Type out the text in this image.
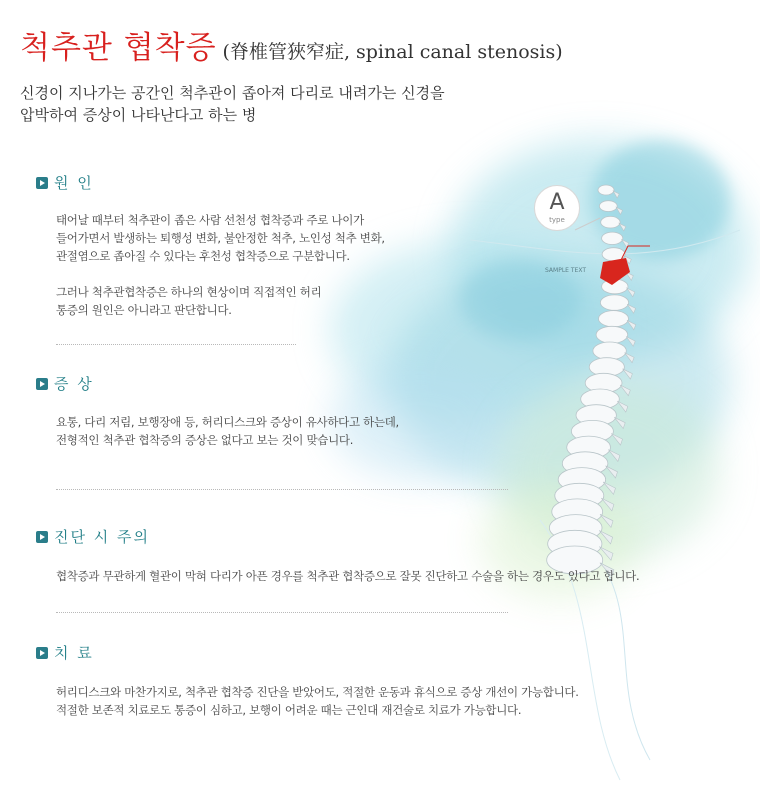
A
type
SAMPLE TEXT
척추관 협착증 (脊椎管狹窄症, spinal canal stenosis)
신경이 지나가는 공간인 척추관이 좁아져 다리로 내려가는 신경을
압박하여 증상이 나타난다고 하는 병
원 인
태어날 때부터 척추관이 좁은 사람 선천성 협착증과 주로 나이가
들어가면서 발생하는 퇴행성 변화, 불안정한 척추, 노인성 척추 변화,
관절염으로 좁아질 수 있다는 후천성 협착증으로 구분합니다.
그러나 척추관협착증은 하나의 현상이며 직접적인 허리
통증의 원인은 아니라고 판단합니다.
증 상
요통, 다리 저림, 보행장애 등, 허리디스크와 증상이 유사하다고 하는데,
전형적인 척추관 협착증의 증상은 없다고 보는 것이 맞습니다.
진단 시 주의
협착증과 무관하게 혈관이 막혀 다리가 아픈 경우를 척추관 협착증으로 잘못 진단하고 수술을 하는 경우도 있다고 합니다.
치 료
허리디스크와 마찬가지로, 척추관 협착증 진단을 받았어도, 적절한 운동과 휴식으로 증상 개선이 가능합니다.
적절한 보존적 치료로도 통증이 심하고, 보행이 어려운 때는 근인대 재건술로 치료가 가능합니다.
